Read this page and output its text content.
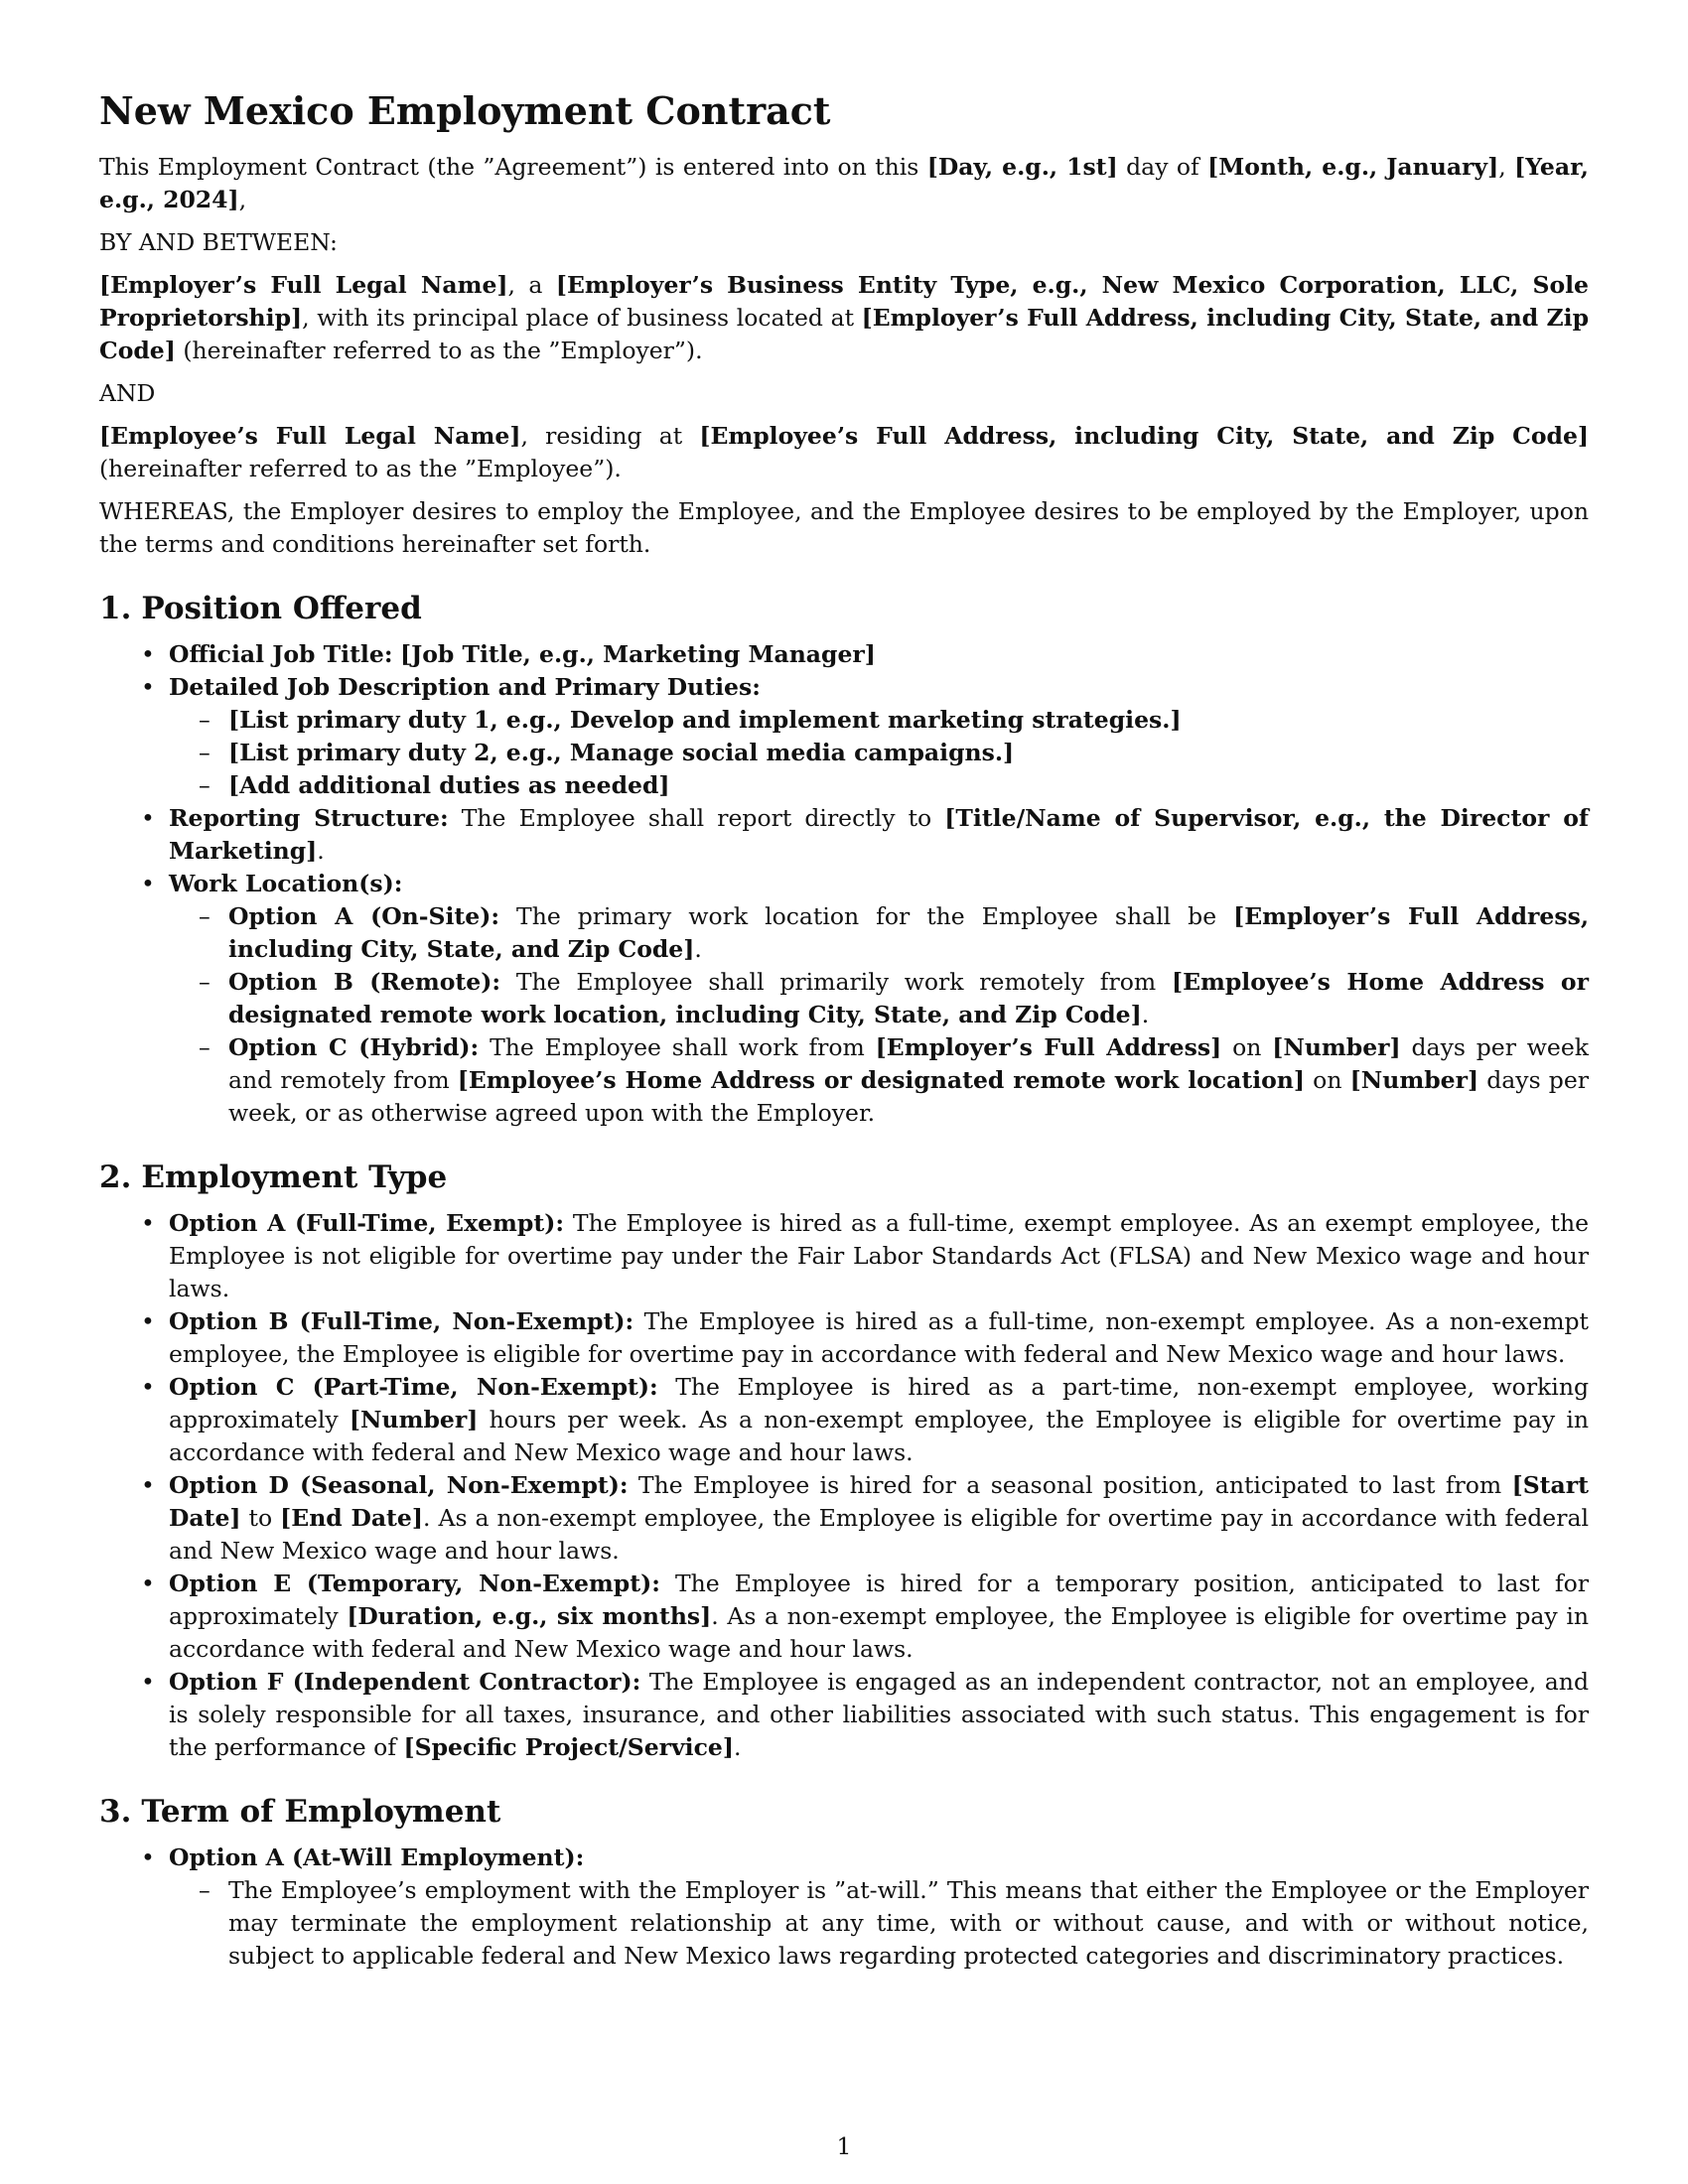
New Mexico Employment Contract

This Employment Contract (the ”Agreement”) is entered into on this [Day, e.g., 1st] day of [Month, e.g., January], [Year, e.g., 2024],

BY AND BETWEEN:

[Employer’s Full Legal Name], a [Employer’s Business Entity Type, e.g., New Mexico Corporation, LLC, Sole Proprietorship], with its principal place of business located at [Employer’s Full Address, including City, State, and Zip Code] (hereinafter referred to as the ”Employer”).

AND

[Employee’s Full Legal Name], residing at [Employee’s Full Address, including City, State, and Zip Code] (hereinafter referred to as the ”Employee”).

WHEREAS, the Employer desires to employ the Employee, and the Employee desires to be employed by the Employer, upon the terms and conditions hereinafter set forth.

1. Position Offered
• Official Job Title: [Job Title, e.g., Marketing Manager]
• Detailed Job Description and Primary Duties:
– [List primary duty 1, e.g., Develop and implement marketing strategies.]
– [List primary duty 2, e.g., Manage social media campaigns.]
– [Add additional duties as needed]
• Reporting Structure: The Employee shall report directly to [Title/Name of Supervisor, e.g., the Director of Marketing].
• Work Location(s):
– Option A (On-Site): The primary work location for the Employee shall be [Employer’s Full Address, including City, State, and Zip Code].
– Option B (Remote): The Employee shall primarily work remotely from [Employee’s Home Address or designated remote work location, including City, State, and Zip Code].
– Option C (Hybrid): The Employee shall work from [Employer’s Full Address] on [Number] days per week and remotely from [Employee’s Home Address or designated remote work location] on [Number] days per week, or as otherwise agreed upon with the Employer.
2. Employment Type
• Option A (Full-Time, Exempt): The Employee is hired as a full-time, exempt employee. As an exempt employee, the Employee is not eligible for overtime pay under the Fair Labor Standards Act (FLSA) and New Mexico wage and hour laws.
• Option B (Full-Time, Non-Exempt): The Employee is hired as a full-time, non-exempt employee. As a non-exempt employee, the Employee is eligible for overtime pay in accordance with federal and New Mexico wage and hour laws.
• Option C (Part-Time, Non-Exempt): The Employee is hired as a part-time, non-exempt employee, working approximately [Number] hours per week. As a non-exempt employee, the Employee is eligible for overtime pay in accordance with federal and New Mexico wage and hour laws.
• Option D (Seasonal, Non-Exempt): The Employee is hired for a seasonal position, anticipated to last from [Start Date] to [End Date]. As a non-exempt employee, the Employee is eligible for overtime pay in accordance with federal and New Mexico wage and hour laws.
• Option E (Temporary, Non-Exempt): The Employee is hired for a temporary position, anticipated to last for approximately [Duration, e.g., six months]. As a non-exempt employee, the Employee is eligible for overtime pay in accordance with federal and New Mexico wage and hour laws.
• Option F (Independent Contractor): The Employee is engaged as an independent contractor, not an employee, and is solely responsible for all taxes, insurance, and other liabilities associated with such status. This engagement is for the performance of [Specific Project/Service].
3. Term of Employment
• Option A (At-Will Employment):
– The Employee’s employment with the Employer is ”at-will.” This means that either the Employee or the Employer may terminate the employment relationship at any time, with or without cause, and with or without notice, subject to applicable federal and New Mexico laws regarding protected categories and discriminatory practices.
1
